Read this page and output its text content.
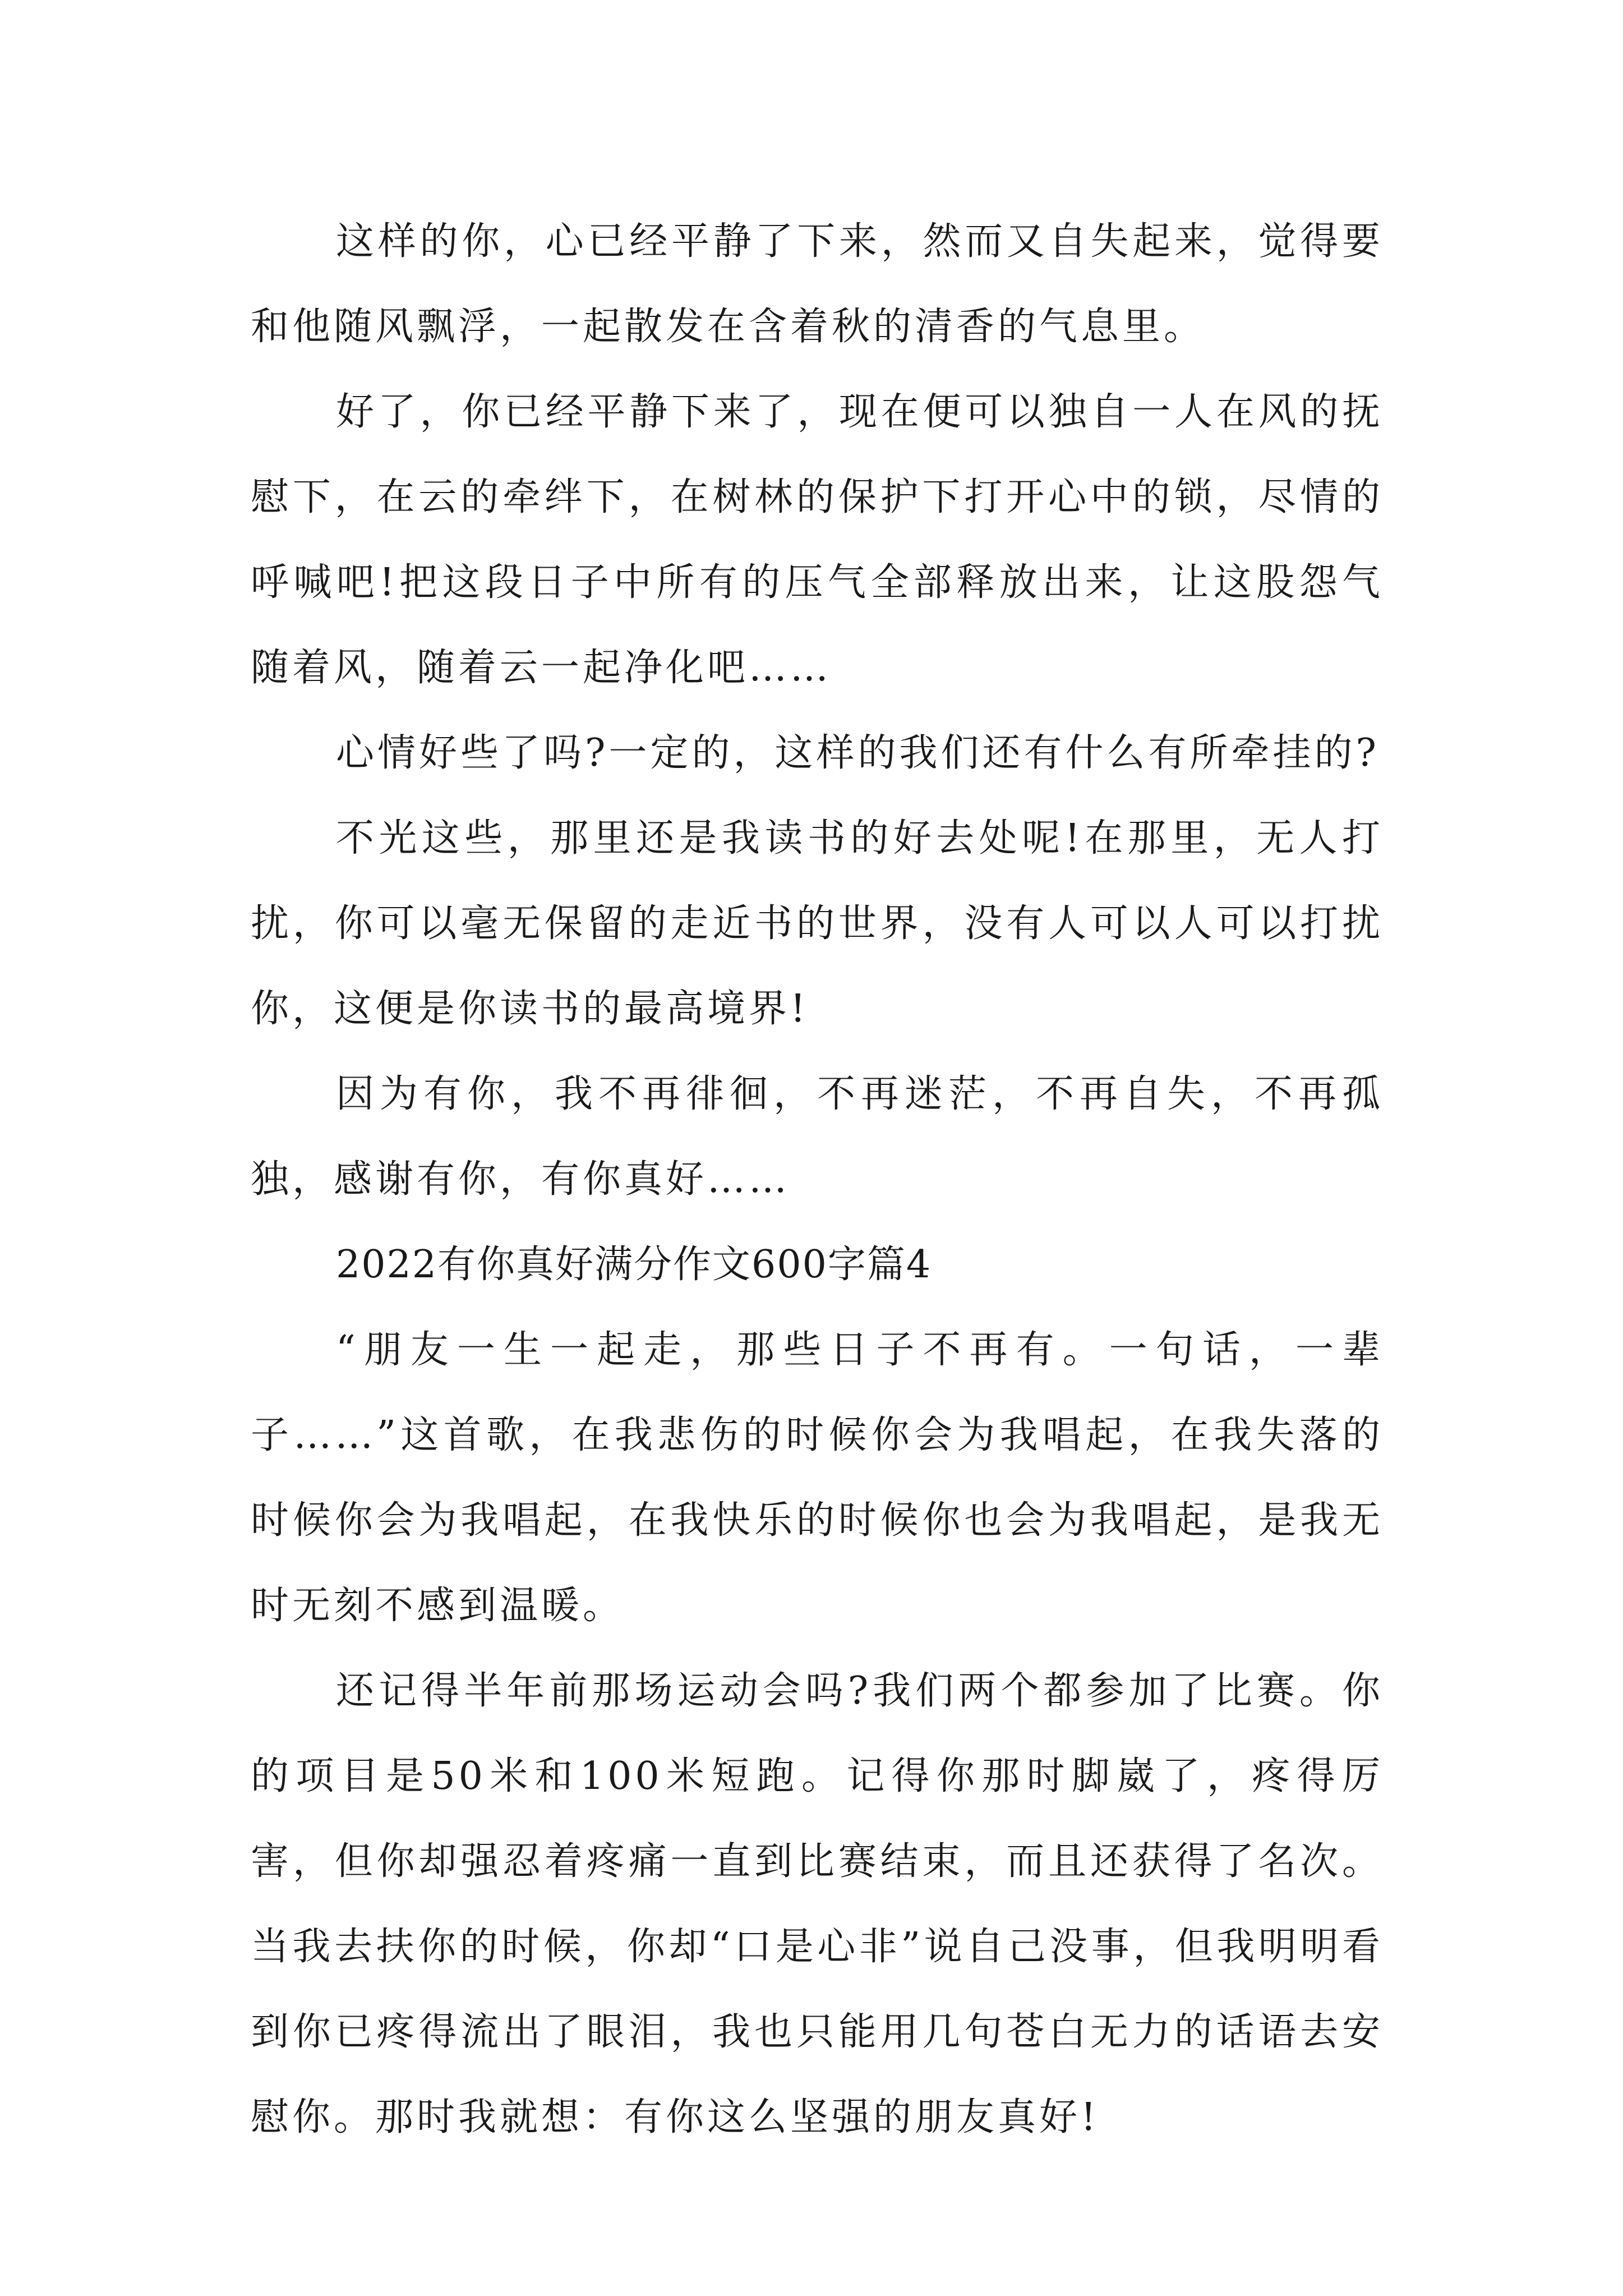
这样的你，心已经平静了下来，然而又自失起来，觉得要和他随风飘浮，一起散发在含着秋的清香的气息里。

好了，你已经平静下来了，现在便可以独自一人在风的抚慰下，在云的牵绊下，在树林的保护下打开心中的锁，尽情的呼喊吧!把这段日子中所有的压气全部释放出来，让这股怨气随着风，随着云一起净化吧……

心情好些了吗?一定的，这样的我们还有什么有所牵挂的?

不光这些，那里还是我读书的好去处呢!在那里，无人打扰，你可以毫无保留的走近书的世界，没有人可以人可以打扰你，这便是你读书的最高境界!

因为有你，我不再徘徊，不再迷茫，不再自失，不再孤独，感谢有你，有你真好……

2022有你真好满分作文600字篇4

“朋友一生一起走，那些日子不再有。一句话，一辈子……”这首歌，在我悲伤的时候你会为我唱起，在我失落的时候你会为我唱起，在我快乐的时候你也会为我唱起，是我无时无刻不感到温暖。

还记得半年前那场运动会吗?我们两个都参加了比赛。你的项目是50米和100米短跑。记得你那时脚崴了，疼得厉害，但你却强忍着疼痛一直到比赛结束，而且还获得了名次。当我去扶你的时候，你却“口是心非”说自己没事，但我明明看到你已疼得流出了眼泪，我也只能用几句苍白无力的话语去安慰你。那时我就想：有你这么坚强的朋友真好!
